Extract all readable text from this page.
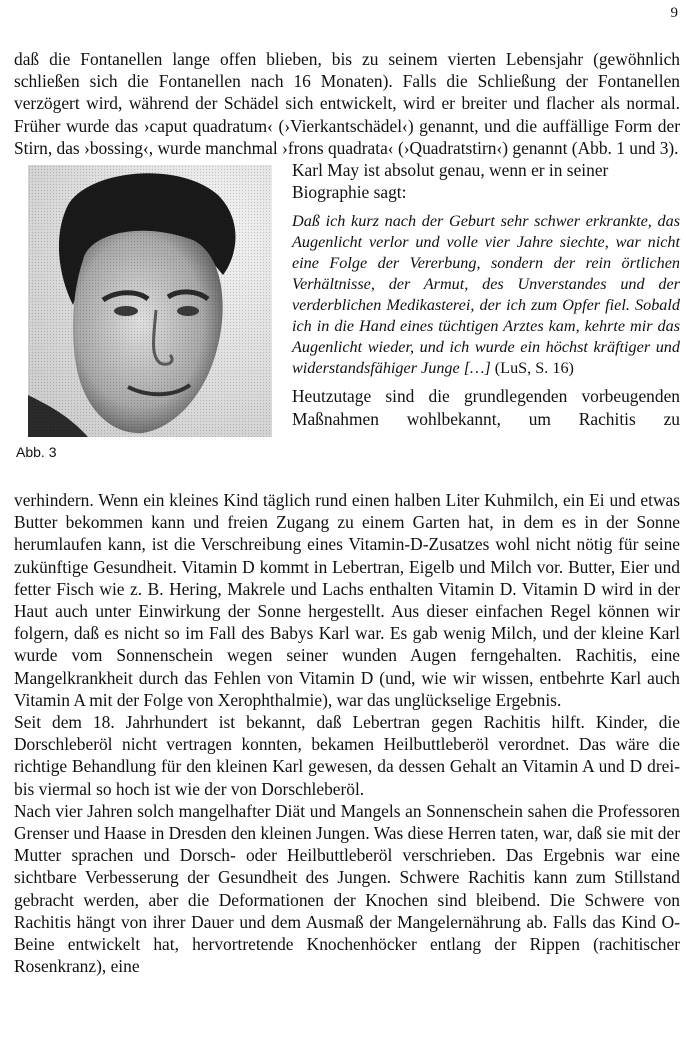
9

daß die Fontanellen lange offen blieben, bis zu seinem vierten Lebensjahr (gewöhnlich schließen sich die Fontanellen nach 16 Monaten). Falls die Schließung der Fontanellen verzögert wird, während der Schädel sich entwickelt, wird er breiter und flacher als normal. Früher wurde das ›caput quadratum‹ (›Vierkantschädel‹) genannt, und die auffällige Form der Stirn, das ›bossing‹, wurde manchmal ›frons quadrata‹ (›Quadratstirn‹) genannt (Abb. 1 und 3).

Abb. 3

Karl May ist absolut genau, wenn er in seiner Biographie sagt:

Daß ich kurz nach der Geburt sehr schwer erkrankte, das Augenlicht verlor und volle vier Jahre siechte, war nicht eine Folge der Vererbung, sondern der rein örtlichen Verhältnisse, der Armut, des Unverstandes und der verderblichen Medikasterei, der ich zum Opfer fiel. Sobald ich in die Hand eines tüchtigen Arztes kam, kehrte mir das Augenlicht wieder, und ich wurde ein höchst kräftiger und widerstandsfähiger Junge […] (LuS, S. 16)

Heutzutage sind die grundlegenden vorbeugenden Maßnahmen wohlbekannt, um Rachitis zu

verhindern. Wenn ein kleines Kind täglich rund einen halben Liter Kuhmilch, ein Ei und etwas Butter bekommen kann und freien Zugang zu einem Garten hat, in dem es in der Sonne herumlaufen kann, ist die Verschreibung eines Vitamin-D-Zusatzes wohl nicht nötig für seine zukünftige Gesundheit. Vitamin D kommt in Lebertran, Eigelb und Milch vor. Butter, Eier und fetter Fisch wie z. B. Hering, Makrele und Lachs enthalten Vitamin D. Vitamin D wird in der Haut auch unter Einwirkung der Sonne hergestellt. Aus dieser einfachen Regel können wir folgern, daß es nicht so im Fall des Babys Karl war. Es gab wenig Milch, und der kleine Karl wurde vom Sonnenschein wegen seiner wunden Augen ferngehalten. Rachitis, eine Mangelkrankheit durch das Fehlen von Vitamin D (und, wie wir wissen, entbehrte Karl auch Vitamin A mit der Folge von Xerophthalmie), war das unglückselige Ergebnis.

Seit dem 18. Jahrhundert ist bekannt, daß Lebertran gegen Rachitis hilft. Kinder, die Dorschleberöl nicht vertragen konnten, bekamen Heilbuttleberöl verordnet. Das wäre die richtige Behandlung für den kleinen Karl gewesen, da dessen Gehalt an Vitamin A und D drei- bis viermal so hoch ist wie der von Dorschleberöl.

Nach vier Jahren solch mangelhafter Diät und Mangels an Sonnenschein sahen die Professoren Grenser und Haase in Dresden den kleinen Jungen. Was diese Herren taten, war, daß sie mit der Mutter sprachen und Dorsch- oder Heilbuttleberöl verschrieben. Das Ergebnis war eine sichtbare Verbesserung der Gesundheit des Jungen. Schwere Rachitis kann zum Stillstand gebracht werden, aber die Deformationen der Knochen sind bleibend. Die Schwere von Rachitis hängt von ihrer Dauer und dem Ausmaß der Mangelernährung ab. Falls das Kind O-Beine entwickelt hat, hervortretende Knochenhöcker entlang der Rippen (rachitischer Rosenkranz), eine
